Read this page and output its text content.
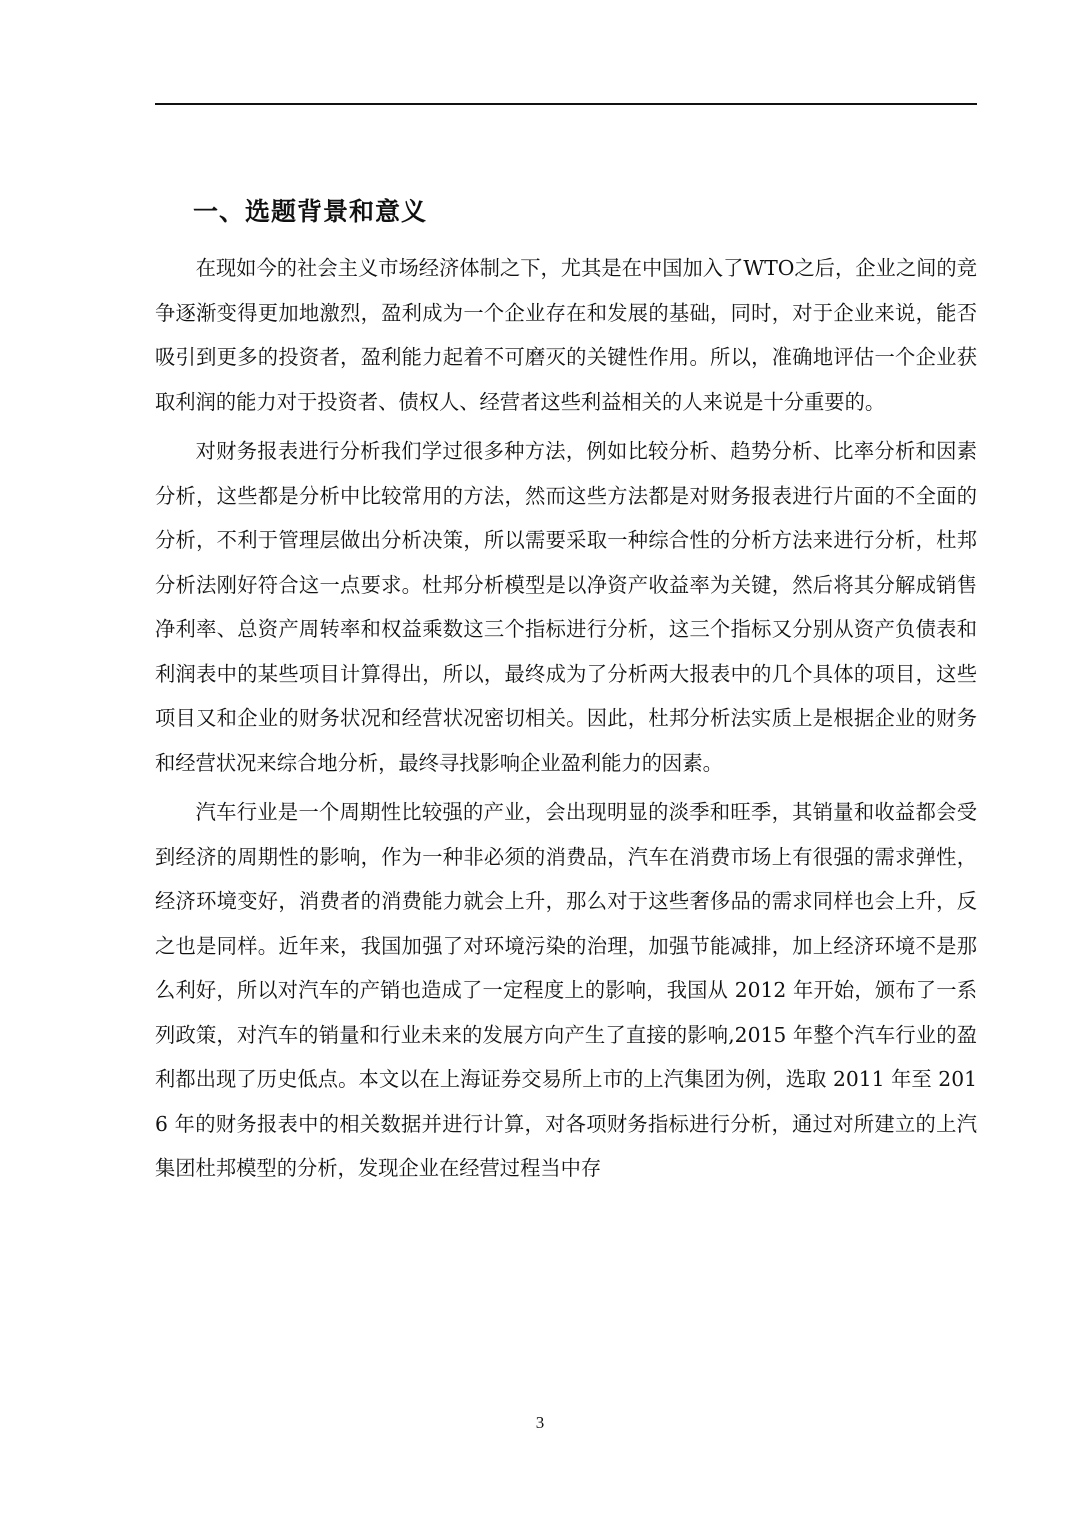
一、选题背景和意义

在现如今的社会主义市场经济体制之下，尤其是在中国加入了WTO之后，企业之间的竞争逐渐变得更加地激烈，盈利成为一个企业存在和发展的基础，同时，对于企业来说，能否吸引到更多的投资者，盈利能力起着不可磨灭的关键性作用。所以，准确地评估一个企业获取利润的能力对于投资者、债权人、经营者这些利益相关的人来说是十分重要的。

对财务报表进行分析我们学过很多种方法，例如比较分析、趋势分析、比率分析和因素分析，这些都是分析中比较常用的方法，然而这些方法都是对财务报表进行片面的不全面的分析，不利于管理层做出分析决策，所以需要采取一种综合性的分析方法来进行分析，杜邦分析法刚好符合这一点要求。杜邦分析模型是以净资产收益率为关键，然后将其分解成销售净利率、总资产周转率和权益乘数这三个指标进行分析，这三个指标又分别从资产负债表和利润表中的某些项目计算得出，所以，最终成为了分析两大报表中的几个具体的项目，这些项目又和企业的财务状况和经营状况密切相关。因此，杜邦分析法实质上是根据企业的财务和经营状况来综合地分析，最终寻找影响企业盈利能力的因素。

汽车行业是一个周期性比较强的产业，会出现明显的淡季和旺季，其销量和收益都会受到经济的周期性的影响，作为一种非必须的消费品，汽车在消费市场上有很强的需求弹性，经济环境变好，消费者的消费能力就会上升，那么对于这些奢侈品的需求同样也会上升，反之也是同样。近年来，我国加强了对环境污染的治理，加强节能减排，加上经济环境不是那么利好，所以对汽车的产销也造成了一定程度上的影响，我国从 2012 年开始，颁布了一系列政策，对汽车的销量和行业未来的发展方向产生了直接的影响,2015 年整个汽车行业的盈利都出现了历史低点。本文以在上海证券交易所上市的上汽集团为例，选取 2011 年至 2016 年的财务报表中的相关数据并进行计算，对各项财务指标进行分析，通过对所建立的上汽集团杜邦模型的分析，发现企业在经营过程当中存

3
